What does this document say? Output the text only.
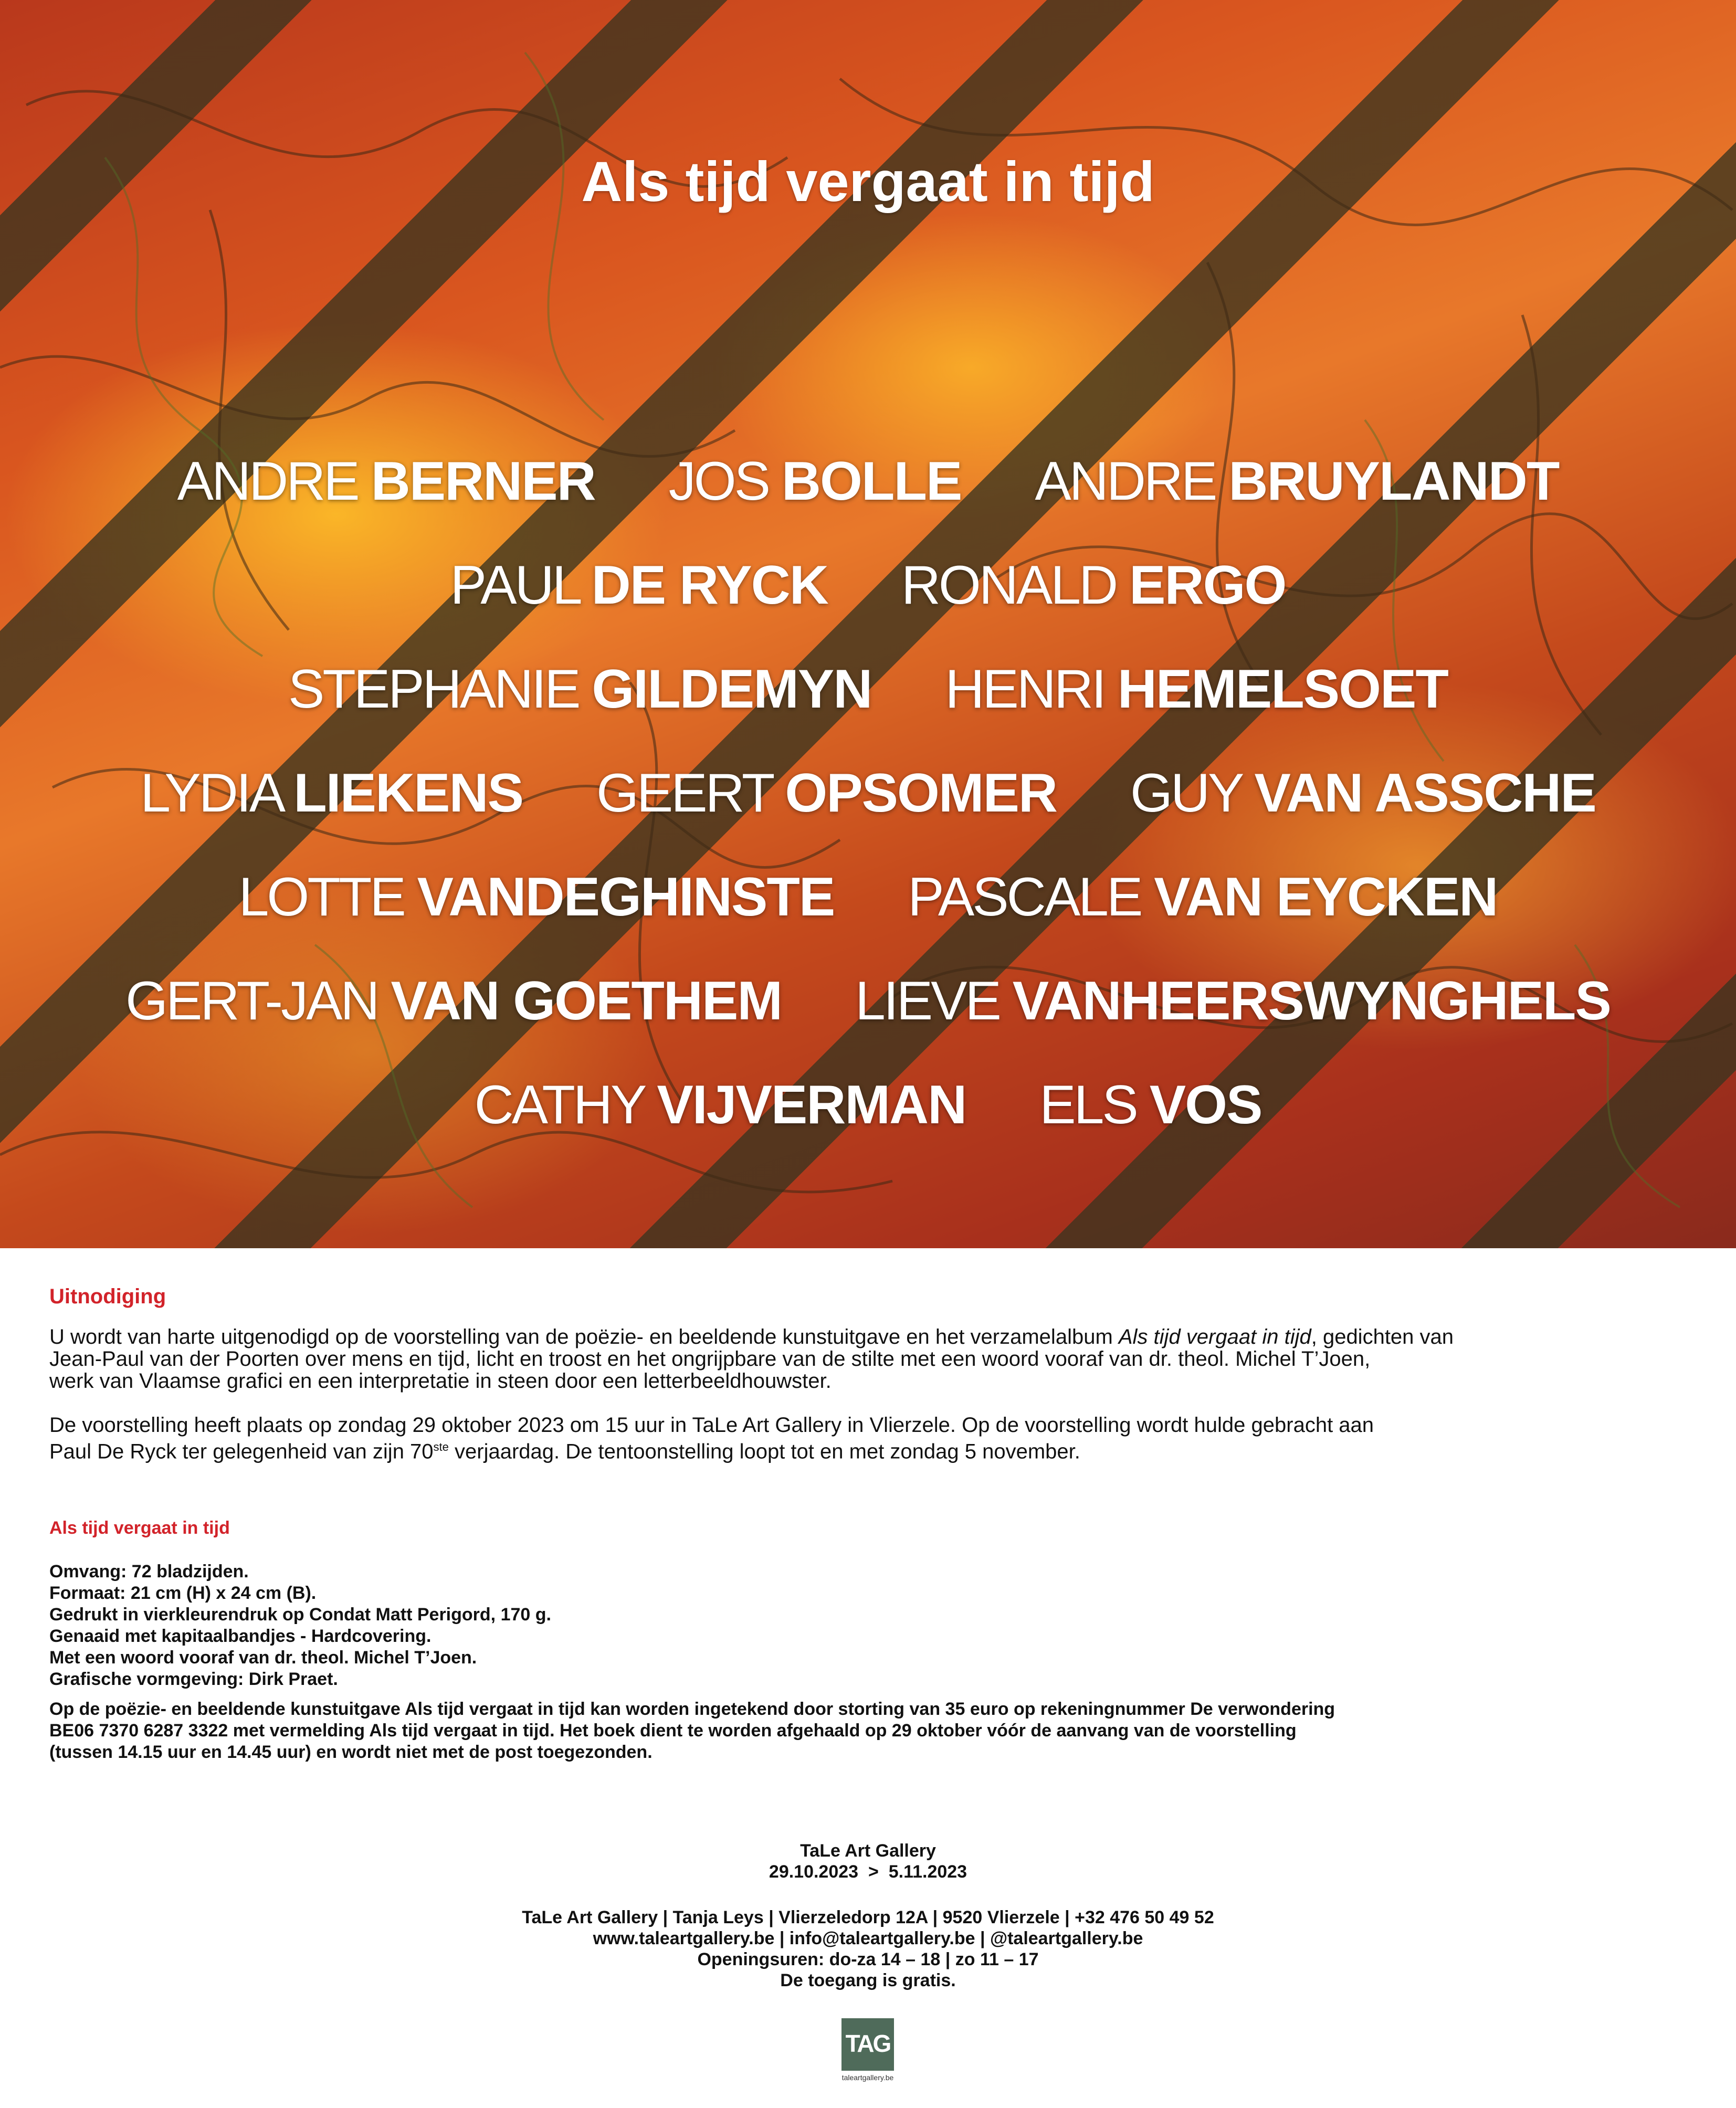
Als tijd vergaat in tijd
ANDRE BERNER JOS BOLLE ANDRE BRUYLANDT
PAUL DE RYCK RONALD ERGO
STEPHANIE GILDEMYN HENRI HEMELSOET
LYDIA LIEKENS GEERT OPSOMER GUY VAN ASSCHE
LOTTE VANDEGHINSTE PASCALE VAN EYCKEN
GERT-JAN VAN GOETHEM LIEVE VANHEERSWYNGHELS
CATHY VIJVERMAN ELS VOS
Uitnodiging

U wordt van harte uitgenodigd op de voorstelling van de poëzie- en beeldende kunstuitgave en het verzamelalbum Als tijd vergaat in tijd, gedichten van
Jean-Paul van der Poorten over mens en tijd, licht en troost en het ongrijpbare van de stilte met een woord vooraf van dr. theol. Michel T’Joen,
werk van Vlaamse grafici en een interpretatie in steen door een letterbeeldhouwster.

De voorstelling heeft plaats op zondag 29 oktober 2023 om 15 uur in TaLe Art Gallery in Vlierzele. Op de voorstelling wordt hulde gebracht aan
Paul De Ryck ter gelegenheid van zijn 70ste verjaardag. De tentoonstelling loopt tot en met zondag 5 november.

Als tijd vergaat in tijd

Omvang: 72 bladzijden.
Formaat: 21 cm (H) x 24 cm (B).
Gedrukt in vierkleurendruk op Condat Matt Perigord, 170 g.
Genaaid met kapitaalbandjes - Hardcovering.
Met een woord vooraf van dr. theol. Michel T’Joen.
Grafische vormgeving: Dirk Praet.

Op de poëzie- en beeldende kunstuitgave Als tijd vergaat in tijd kan worden ingetekend door storting van 35 euro op rekeningnummer De verwondering
BE06 7370 6287 3322 met vermelding Als tijd vergaat in tijd. Het boek dient te worden afgehaald op 29 oktober vóór de aanvang van de voorstelling
(tussen 14.15 uur en 14.45 uur) en wordt niet met de post toegezonden.

TaLe Art Gallery
29.10.2023  >  5.11.2023
TaLe Art Gallery | Tanja Leys | Vlierzeledorp 12A | 9520 Vlierzele | +32 476 50 49 52
www.taleartgallery.be | info@taleartgallery.be | @taleartgallery.be
Openingsuren: do-za 14 – 18 | zo 11 – 17
De toegang is gratis.
TAG
taleartgallery.be
